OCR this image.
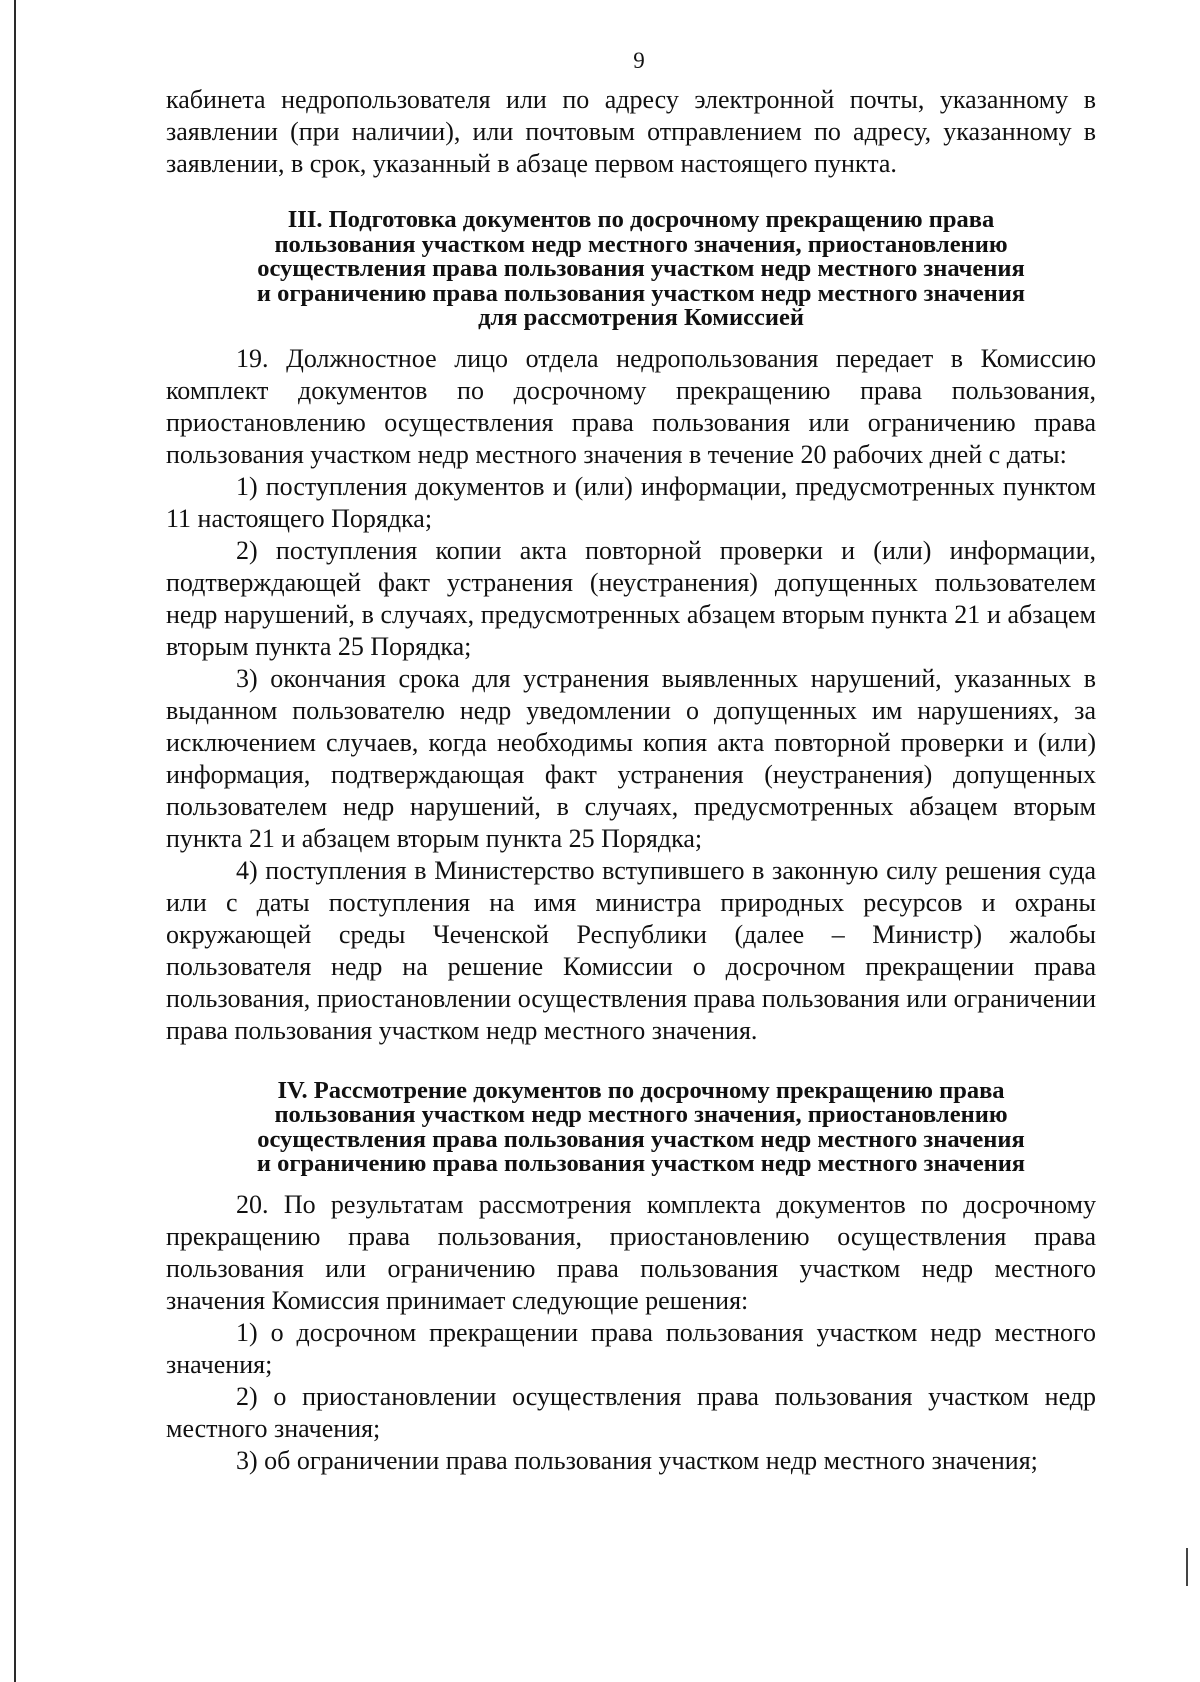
9

кабинета недропользователя или по адресу электронной почты, указанному в заявлении (при наличии), или почтовым отправлением по адресу, указанному в заявлении, в срок, указанный в абзаце первом настоящего пункта.

III. Подготовка документов по досрочному прекращению права
пользования участком недр местного значения, приостановлению
осуществления права пользования участком недр местного значения
и ограничению права пользования участком недр местного значения
для рассмотрения Комиссией

19. Должностное лицо отдела недропользования передает в Комиссию комплект документов по досрочному прекращению права пользования, приостановлению осуществления права пользования или ограничению права пользования участком недр местного значения в течение 20 рабочих дней с даты:

1) поступления документов и (или) информации, предусмотренных пунктом 11 настоящего Порядка;

2) поступления копии акта повторной проверки и (или) информации, подтверждающей факт устранения (неустранения) допущенных пользователем недр нарушений, в случаях, предусмотренных абзацем вторым пункта 21 и абзацем вторым пункта 25 Порядка;

3) окончания срока для устранения выявленных нарушений, указанных в выданном пользователю недр уведомлении о допущенных им нарушениях, за исключением случаев, когда необходимы копия акта повторной проверки и (или) информация, подтверждающая факт устранения (неустранения) допущенных пользователем недр нарушений, в случаях, предусмотренных абзацем вторым пункта 21 и абзацем вторым пункта 25 Порядка;

4) поступления в Министерство вступившего в законную силу решения суда или с даты поступления на имя министра природных ресурсов и охраны окружающей среды Чеченской Республики (далее – Министр) жалобы пользователя недр на решение Комиссии о досрочном прекращении права пользования, приостановлении осуществления права пользования или ограничении права пользования участком недр местного значения.

IV. Рассмотрение документов по досрочному прекращению права
пользования участком недр местного значения, приостановлению
осуществления права пользования участком недр местного значения
и ограничению права пользования участком недр местного значения

20. По результатам рассмотрения комплекта документов по досрочному прекращению права пользования, приостановлению осуществления права пользования или ограничению права пользования участком недр местного значения Комиссия принимает следующие решения:

1) о досрочном прекращении права пользования участком недр местного значения;

2) о приостановлении осуществления права пользования участком недр местного значения;

3) об ограничении права пользования участком недр местного значения;
